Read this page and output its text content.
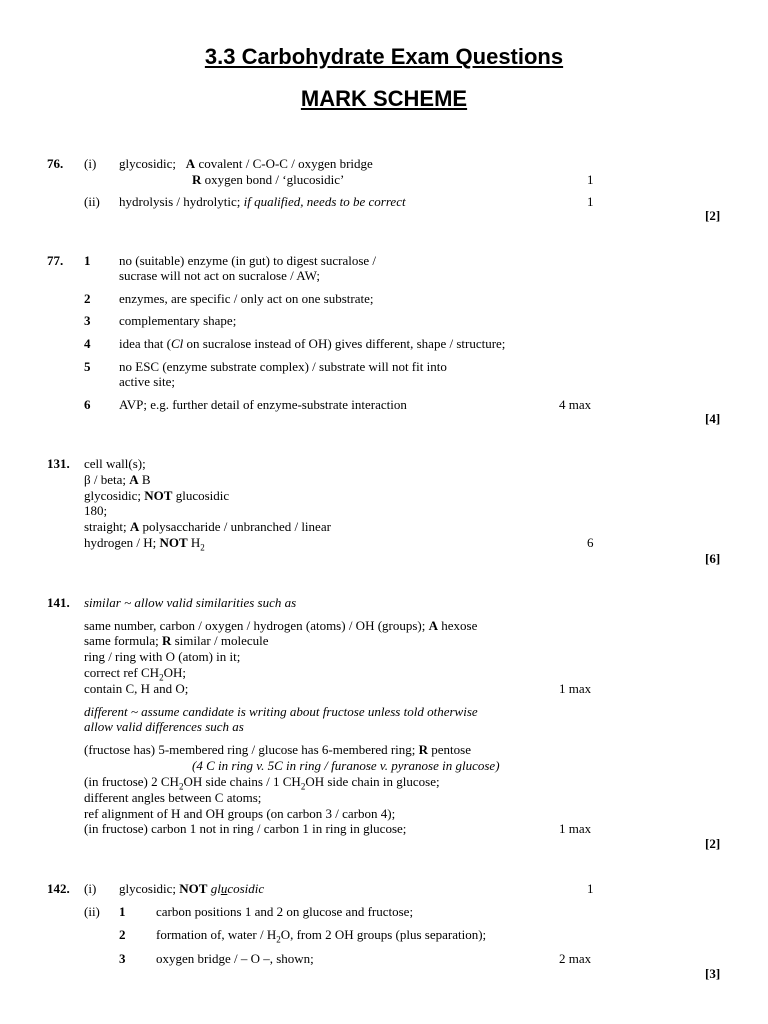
3.3 Carbohydrate Exam Questions
MARK SCHEME
76. (i) glycosidic; A covalent / C-O-C / oxygen bridge
R oxygen bond / ‘glucosidic’	1
(ii) hydrolysis / hydrolytic; if qualified, needs to be correct	1
[2]
77. 1 no (suitable) enzyme (in gut) to digest sucralose /
sucrase will not act on sucralose / AW;
2 enzymes, are specific / only act on one substrate;
3 complementary shape;
4 idea that (Cl on sucralose instead of OH) gives different, shape / structure;
5 no ESC (enzyme substrate complex) / substrate will not fit into
active site;
6 AVP; e.g. further detail of enzyme-substrate interaction	4 max
[4]
131. cell wall(s);
β / beta; A B
glycosidic; NOT glucosidic
180;
straight; A polysaccharide / unbranched / linear
hydrogen / H; NOT $H_2$	6
[6]
141. similar ~ allow valid similarities such as
same number, carbon / oxygen / hydrogen (atoms) / OH (groups); A hexose
same formula; R similar / molecule
ring / ring with O (atom) in it;
correct ref $CH_2OH$;
contain C, H and O;	1 max
different ~ assume candidate is writing about fructose unless told otherwise
allow valid differences such as
(fructose has) 5-membered ring / glucose has 6-membered ring; R pentose
(4 C in ring v. 5C in ring / furanose v. pyranose in glucose)
(in fructose) 2 $CH_2OH$ side chains / 1 $CH_2OH$ side chain in glucose;
different angles between C atoms;
ref alignment of H and OH groups (on carbon 3 / carbon 4);
(in fructose) carbon 1 not in ring / carbon 1 in ring in glucose;	1 max
[2]
142. (i) glycosidic; NOT glucosidic	1
(ii) 1 carbon positions 1 and 2 on glucose and fructose;
2 formation of, water / $H_2O$, from 2 OH groups (plus separation);
3 oxygen bridge / – O –, shown;	2 max
[3]
